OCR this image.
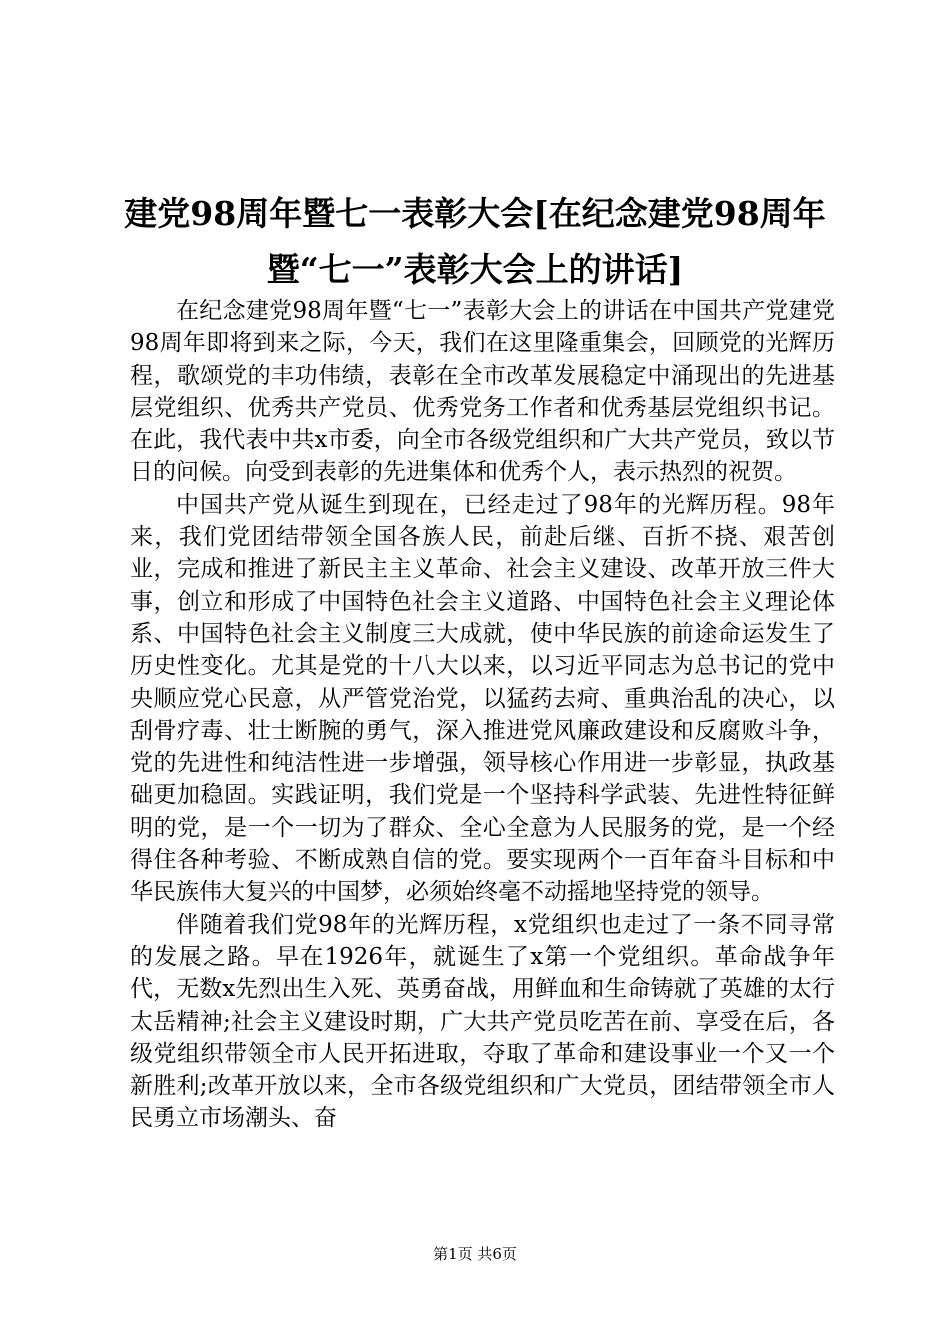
建党98周年暨七一表彰大会[在纪念建党98周年暨“七一”表彰大会上的讲话]

在纪念建党98周年暨“七一”表彰大会上的讲话在中国共产党建党98周年即将到来之际，今天，我们在这里隆重集会，回顾党的光辉历程，歌颂党的丰功伟绩，表彰在全市改革发展稳定中涌现出的先进基层党组织、优秀共产党员、优秀党务工作者和优秀基层党组织书记。在此，我代表中共x市委，向全市各级党组织和广大共产党员，致以节日的问候。向受到表彰的先进集体和优秀个人，表示热烈的祝贺。

中国共产党从诞生到现在，已经走过了98年的光辉历程。98年来，我们党团结带领全国各族人民，前赴后继、百折不挠、艰苦创业，完成和推进了新民主主义革命、社会主义建设、改革开放三件大事，创立和形成了中国特色社会主义道路、中国特色社会主义理论体系、中国特色社会主义制度三大成就，使中华民族的前途命运发生了历史性变化。尤其是党的十八大以来，以习近平同志为总书记的党中央顺应党心民意，从严管党治党，以猛药去疴、重典治乱的决心，以刮骨疗毒、壮士断腕的勇气，深入推进党风廉政建设和反腐败斗争，党的先进性和纯洁性进一步增强，领导核心作用进一步彰显，执政基础更加稳固。实践证明，我们党是一个坚持科学武装、先进性特征鲜明的党，是一个一切为了群众、全心全意为人民服务的党，是一个经得住各种考验、不断成熟自信的党。要实现两个一百年奋斗目标和中华民族伟大复兴的中国梦，必须始终毫不动摇地坚持党的领导。

伴随着我们党98年的光辉历程，x党组织也走过了一条不同寻常的发展之路。早在1926年，就诞生了x第一个党组织。革命战争年代，无数x先烈出生入死、英勇奋战，用鲜血和生命铸就了英雄的太行太岳精神;社会主义建设时期，广大共产党员吃苦在前、享受在后，各级党组织带领全市人民开拓进取，夺取了革命和建设事业一个又一个新胜利;改革开放以来，全市各级党组织和广大党员，团结带领全市人民勇立市场潮头、奋

第1页 共6页
